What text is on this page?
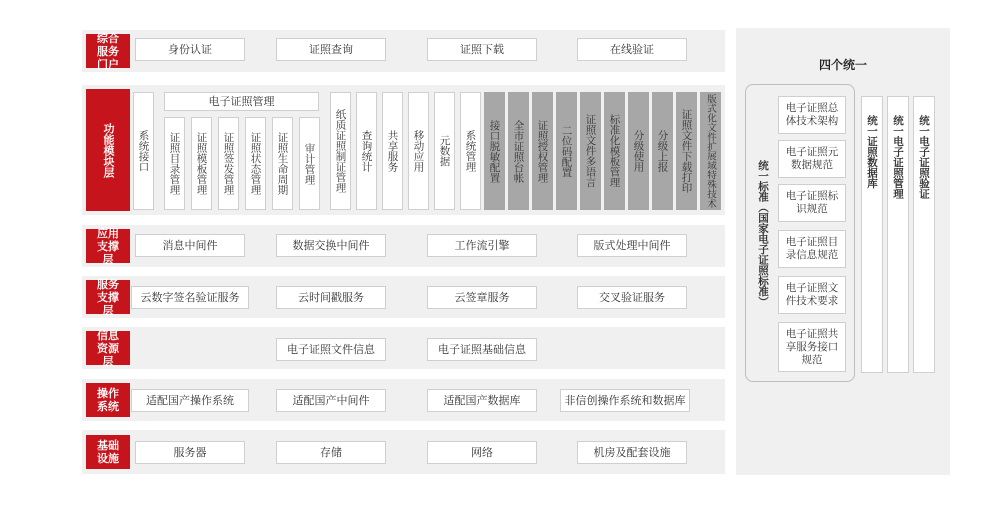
综合服务门户
身份认证	证照查询	证照下载	在线验证
功能模块层 系统接口
电子证照管理
证照目录管理 证照模板管理 证照签发管理 证照状态管理 证照生命周期 审计管理 纸质证照制证管理 查询统计 共享服务 移动应用 元数据 系统管理 接口脱敏配置 全市证照台帐 证照授权管理 二位码配置 证照文件多语言 标准化模板管理 分级使用 分级上报 证照文件下载打印 版式化文件扩展域特殊技术
应用支撑层
消息中间件	数据交换中间件	工作流引擎	版式处理中间件
服务支撑层
云数字签名验证服务	云时间戳服务	云签章服务	交叉验证服务
信息资源层
电子证照文件信息	电子证照基础信息
操作系统	适配国产操作系统	适配国产中间件	适配国产数据库	非信创操作系统和数据库
基础设施	服务器	存储	网络	机房及配套设施
四个统一
统一标准（国家电子证照标准）
电子证照总体技术架构
电子证照元数据规范
电子证照标识规范
电子证照目录信息规范
电子证照文件技术要求
电子证照共享服务接口规范
统一证照数据库 统一电子证照管理 统一电子证照验证
